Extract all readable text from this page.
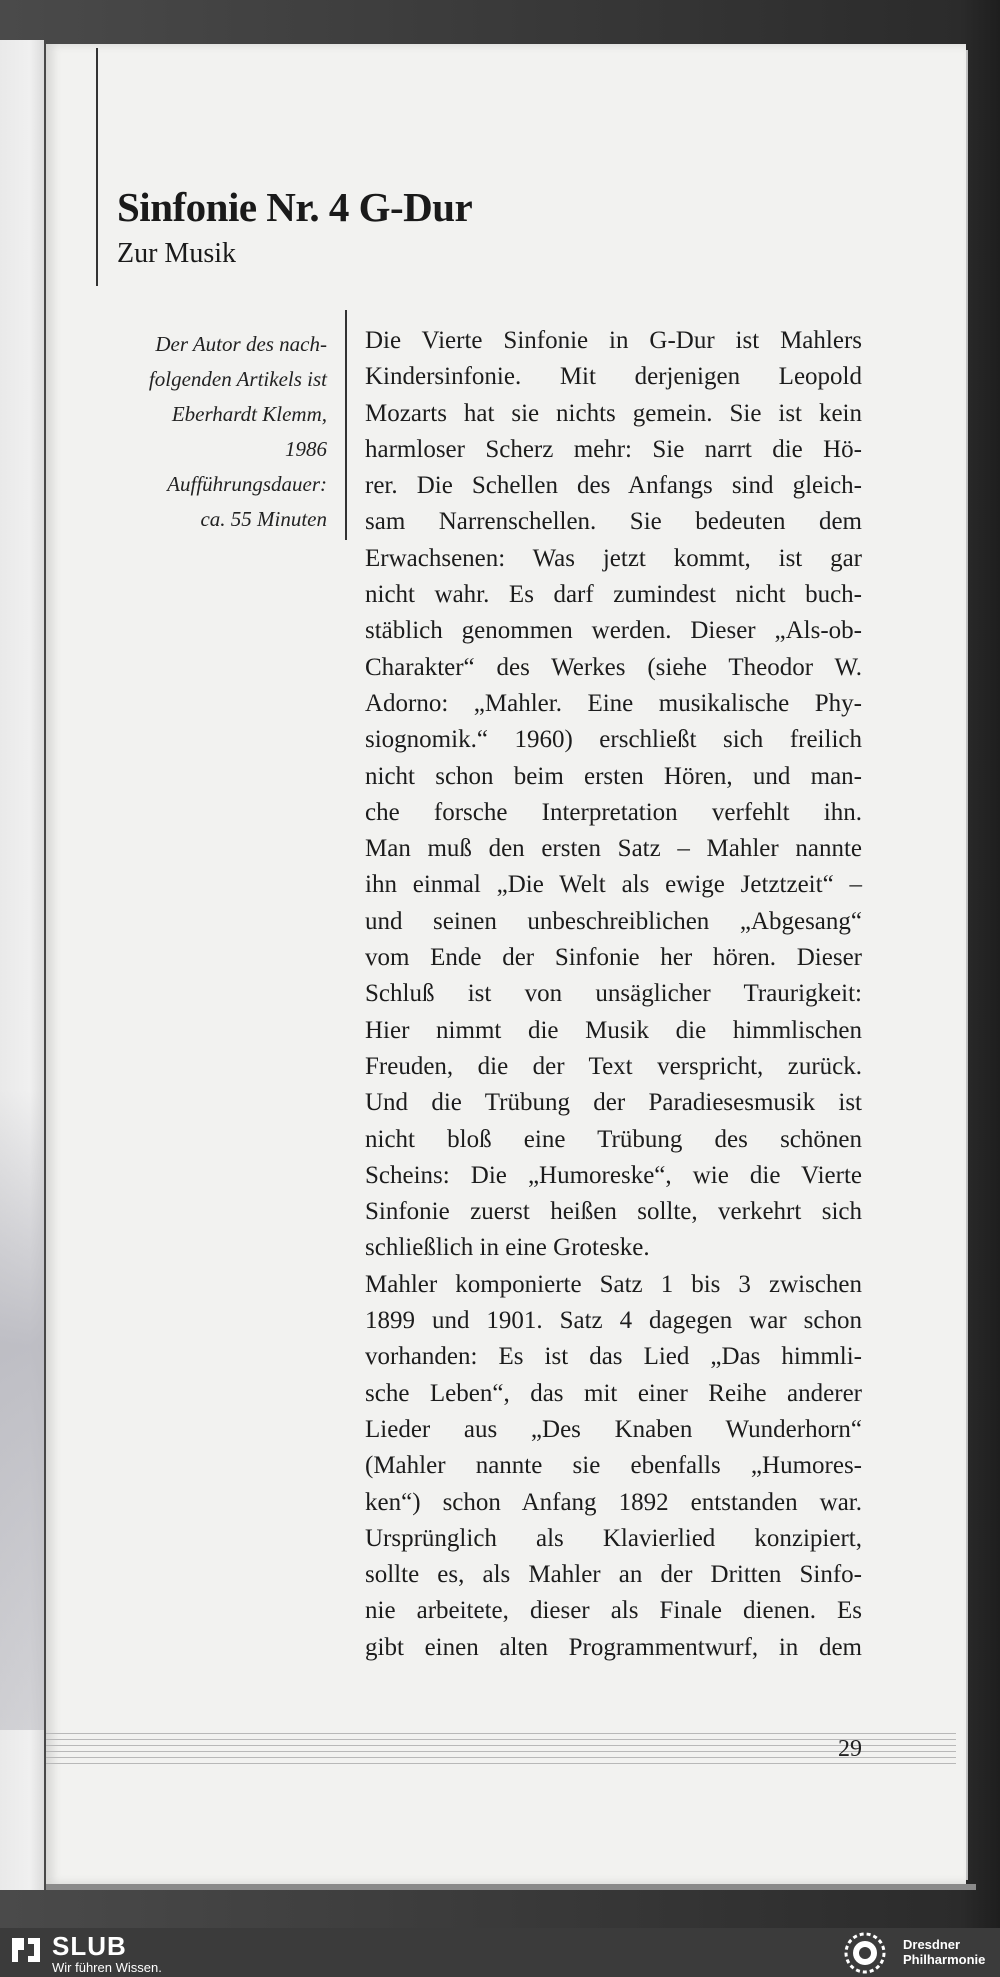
Sinfonie Nr. 4 G-Dur
Zur Musik
Der Autor des nach-
folgenden Artikels ist
Eberhardt Klemm,
1986
Aufführungsdauer:
ca. 55 Minuten
Die Vierte Sinfonie in G-Dur ist Mahlers
Kindersinfonie. Mit derjenigen Leopold
Mozarts hat sie nichts gemein. Sie ist kein
harmloser Scherz mehr: Sie narrt die Hö-
rer. Die Schellen des Anfangs sind gleich-
sam Narrenschellen. Sie bedeuten dem
Erwachsenen: Was jetzt kommt, ist gar
nicht wahr. Es darf zumindest nicht buch-
stäblich genommen werden. Dieser „Als-ob-
Charakter“ des Werkes (siehe Theodor W.
Adorno: „Mahler. Eine musikalische Phy-
siognomik.“ 1960) erschließt sich freilich
nicht schon beim ersten Hören, und man-
che forsche Interpretation verfehlt ihn.
Man muß den ersten Satz – Mahler nannte
ihn einmal „Die Welt als ewige Jetztzeit“ –
und seinen unbeschreiblichen „Abgesang“
vom Ende der Sinfonie her hören. Dieser
Schluß ist von unsäglicher Traurigkeit:
Hier nimmt die Musik die himmlischen
Freuden, die der Text verspricht, zurück.
Und die Trübung der Paradiesesmusik ist
nicht bloß eine Trübung des schönen
Scheins: Die „Humoreske“, wie die Vierte
Sinfonie zuerst heißen sollte, verkehrt sich
schließlich in eine Groteske.
Mahler komponierte Satz 1 bis 3 zwischen
1899 und 1901. Satz 4 dagegen war schon
vorhanden: Es ist das Lied „Das himmli-
sche Leben“, das mit einer Reihe anderer
Lieder aus „Des Knaben Wunderhorn“
(Mahler nannte sie ebenfalls „Humores-
ken“) schon Anfang 1892 entstanden war.
Ursprünglich als Klavierlied konzipiert,
sollte es, als Mahler an der Dritten Sinfo-
nie arbeitete, dieser als Finale dienen. Es
gibt einen alten Programmentwurf, in dem
29
SLUB
Wir führen Wissen.
Dresdner
Philharmonie
